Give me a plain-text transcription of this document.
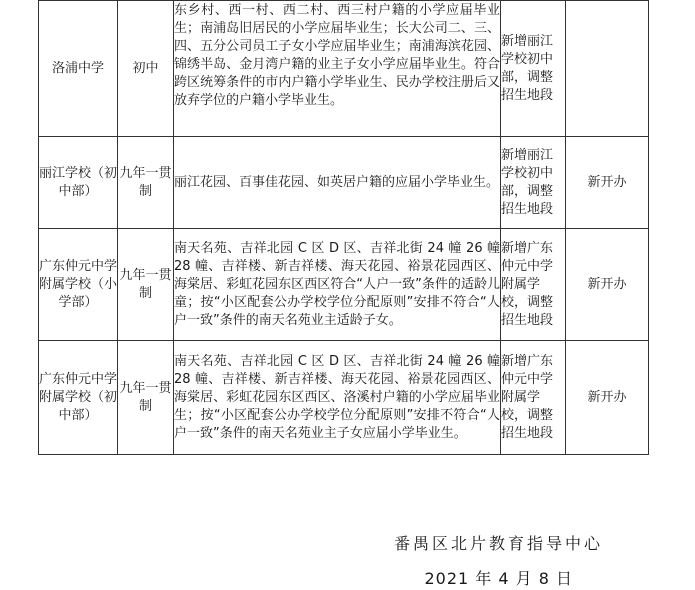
洛浦中学	初中	东乡村、西一村、西二村、西三村户籍的小学应届毕业生；南浦岛旧居民的小学应届毕业生；长大公司二、三、四、五分公司员工子女小学应届毕业生；南浦海滨花园、锦绣半岛、金月湾户籍的业主子女小学应届毕业生。符合跨区统筹条件的市内户籍小学毕业生、民办学校注册后又放弃学位的户籍小学毕业生。	新增丽江学校初中部，调整招生地段	
丽江学校（初中部）	九年一贯制	丽江花园、百事佳花园、如英居户籍的应届小学毕业生。	新增丽江学校初中部，调整招生地段	新开办
广东仲元中学附属学校（小学部）	九年一贯制	南天名苑、吉祥北园 C 区 D 区、吉祥北街 24 幢 26 幢 28 幢、吉祥楼、新吉祥楼、海天花园、裕景花园西区、海棠居、彩虹花园东区西区符合“人户一致”条件的适龄儿童；按“小区配套公办学校学位分配原则”安排不符合“人户一致”条件的南天名苑业主适龄子女。	新增广东仲元中学附属学校，调整招生地段	新开办
广东仲元中学附属学校（初中部）	九年一贯制	南天名苑、吉祥北园 C 区 D 区、吉祥北街 24 幢 26 幢 28 幢、吉祥楼、新吉祥楼、海天花园、裕景花园西区、海棠居、彩虹花园东区西区、洛溪村户籍的小学应届毕业生；按“小区配套公办学校学位分配原则”安排不符合“人户一致”条件的南天名苑业主子女应届小学毕业生。	新增广东仲元中学附属学校，调整招生地段	新开办
番禺区北片教育指导中心
2021 年 4 月 8 日
